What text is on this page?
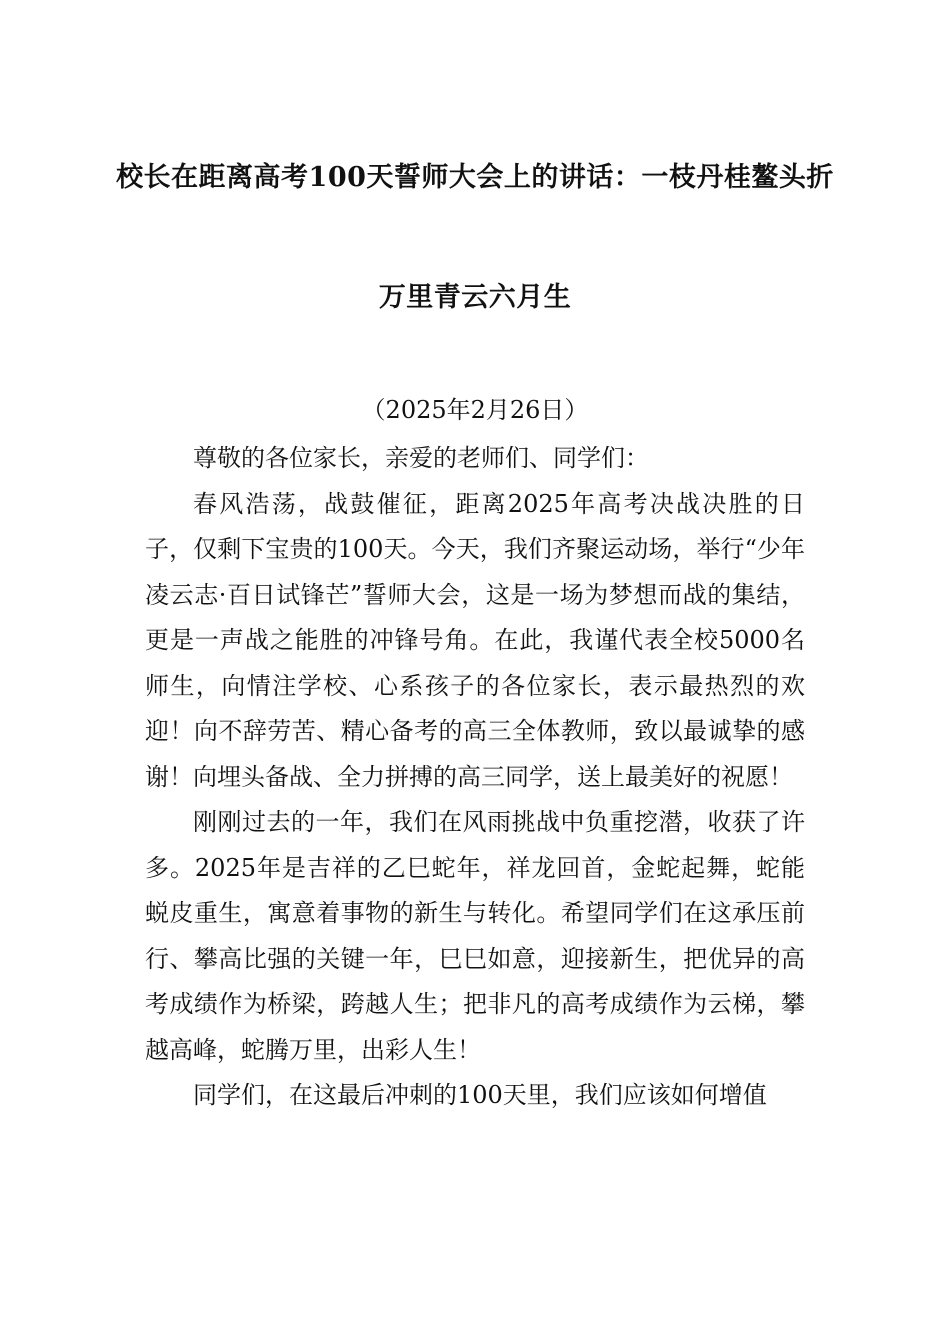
校长在距离高考100天誓师大会上的讲话：一枝丹桂鳌头折
万里青云六月生
（2025年2月26日）

尊敬的各位家长，亲爱的老师们、同学们：

春风浩荡，战鼓催征，距离2025年高考决战决胜的日子，仅剩下宝贵的100天。今天，我们齐聚运动场，举行“少年凌云志·百日试锋芒”誓师大会，这是一场为梦想而战的集结，更是一声战之能胜的冲锋号角。在此，我谨代表全校5000名师生，向情注学校、心系孩子的各位家长，表示最热烈的欢迎！向不辞劳苦、精心备考的高三全体教师，致以最诚挚的感谢！向埋头备战、全力拼搏的高三同学，送上最美好的祝愿！

刚刚过去的一年，我们在风雨挑战中负重挖潜，收获了许多。2025年是吉祥的乙巳蛇年，祥龙回首，金蛇起舞，蛇能蜕皮重生，寓意着事物的新生与转化。希望同学们在这承压前行、攀高比强的关键一年，巳巳如意，迎接新生，把优异的高考成绩作为桥梁，跨越人生；把非凡的高考成绩作为云梯，攀越高峰，蛇腾万里，出彩人生！

同学们，在这最后冲刺的100天里，我们应该如何增值
